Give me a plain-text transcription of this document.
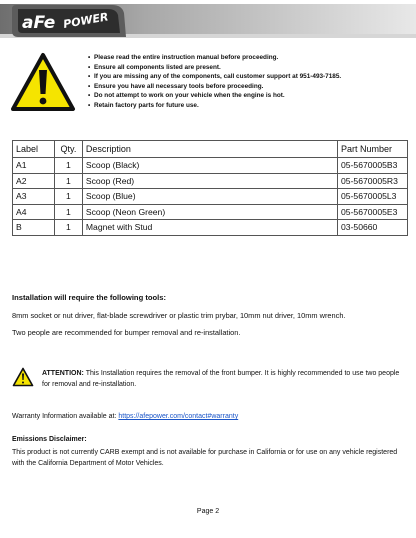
aFe POWER
• Please read the entire instruction manual before proceeding.
• Ensure all components listed are present.
• If you are missing any of the components, call customer support at 951-493-7185.
• Ensure you have all necessary tools before proceeding.
• Do not attempt to work on your vehicle when the engine is hot.
• Retain factory parts for future use.
Label	Qty.	Description	Part Number
A1	1	Scoop (Black)	05-5670005B3
A2	1	Scoop (Red)	05-5670005R3
A3	1	Scoop (Blue)	05-5670005L3
A4	1	Scoop (Neon Green)	05-5670005E3
B	1	Magnet with Stud	03-50660
Installation will require the following tools:
8mm socket or nut driver, flat-blade screwdriver or plastic trim prybar, 10mm nut driver, 10mm wrench.
Two people are recommended for bumper removal and re-installation.
ATTENTION: This Installation requires the removal of the front bumper. It is highly recommended to use two people for removal and re-installation.
Warranty Information available at: https://afepower.com/contact#warranty
Emissions Disclaimer:
This product is not currently CARB exempt and is not available for purchase in California or for use on any vehicle registered with the California Department of Motor Vehicles.
Page 2
